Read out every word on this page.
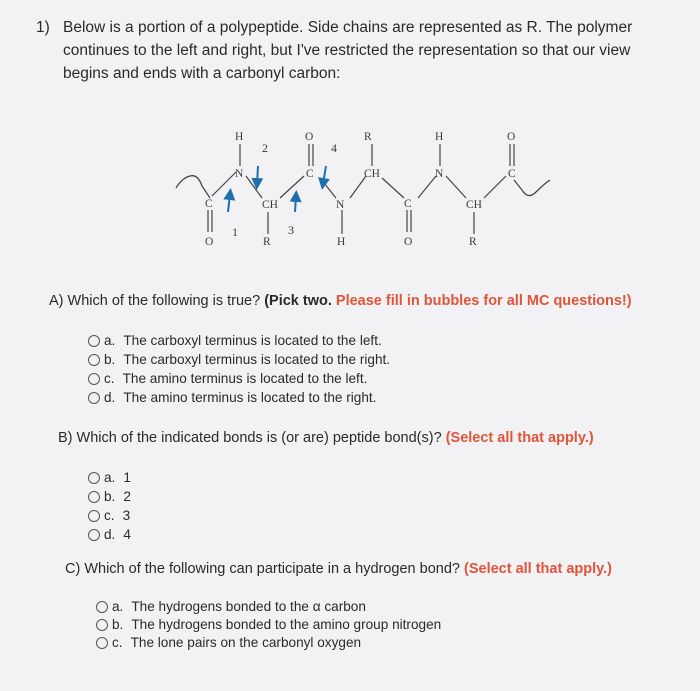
1) Below is a portion of a polypeptide. Side chains are represented as R. The polymer
continues to the left and right, but I've restricted the representation so that our view
begins and ends with a carbonyl carbon:
H
N
C
O
C
O	R
R
CH	N
H
C
O
CH
R
H
N
CH
C
O
1
2
3
4
A) Which of the following is true? (Pick two. Please fill in bubbles for all MC questions!)
a. The carboxyl terminus is located to the left.
b. The carboxyl terminus is located to the right.
c. The amino terminus is located to the left.
d. The amino terminus is located to the right.
B) Which of the indicated bonds is (or are) peptide bond(s)? (Select all that apply.)
a. 1
b. 2
c. 3
d. 4
C) Which of the following can participate in a hydrogen bond? (Select all that apply.)
a. The hydrogens bonded to the α carbon
b. The hydrogens bonded to the amino group nitrogen
c. The lone pairs on the carbonyl oxygen
